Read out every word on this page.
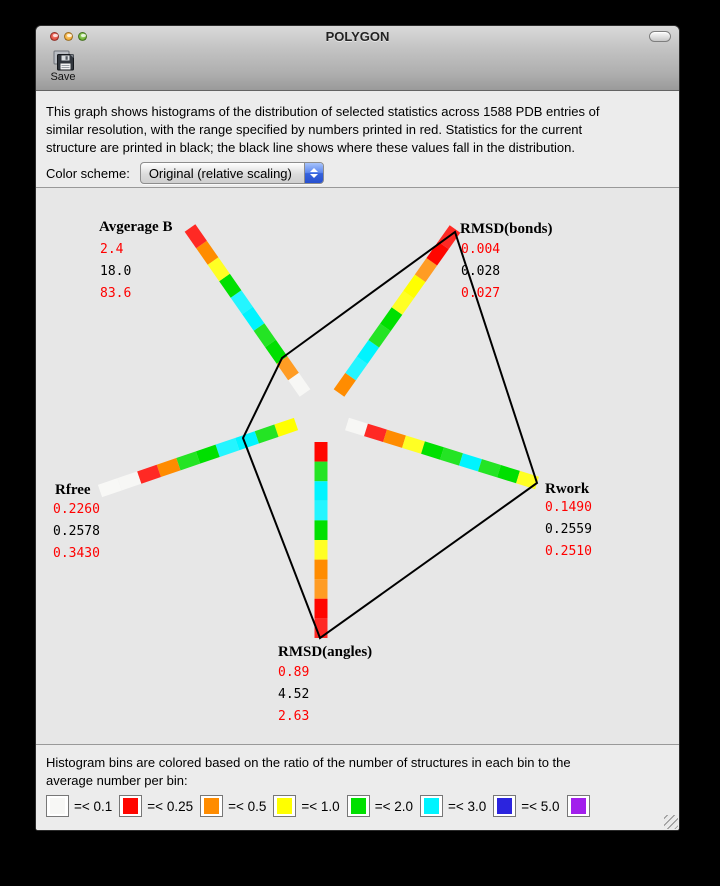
POLYGON
Save
This graph shows histograms of the distribution of selected statistics across 1588 PDB entries of
similar resolution, with the range specified by numbers printed in red. Statistics for the current
structure are printed in black; the black line shows where these values fall in the distribution.
Color scheme:	Original (relative scaling)
Avgerage B
2.4
18.0
83.6
RMSD(bonds)
0.004
0.028
0.027
Rwork
0.1490
0.2559
0.2510
RMSD(angles)
0.89
4.52
2.63
Rfree
0.2260
0.2578
0.3430
Histogram bins are colored based on the ratio of the number of structures in each bin to the
average number per bin:
=< 0.1	=< 0.25	=< 0.5	=< 1.0	=< 2.0	=< 3.0	=< 5.0
